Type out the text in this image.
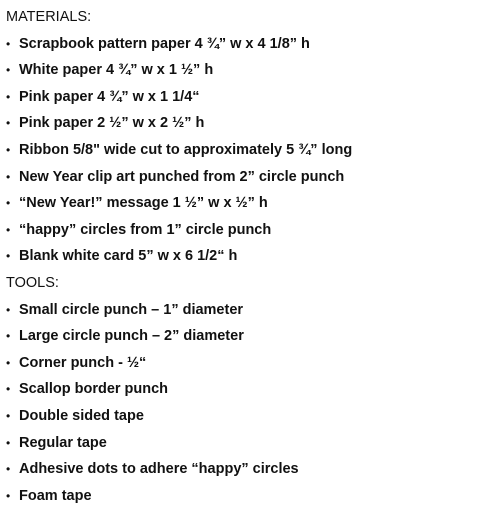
MATERIALS:
• Scrapbook pattern paper 4 ¾” w x 4 1/8” h
• White paper 4 ¾” w x 1 ½” h
• Pink paper 4 ¾” w x 1 1/4“
• Pink paper 2 ½” w x 2 ½” h
• Ribbon 5/8" wide cut to approximately 5 ¾” long
• New Year clip art punched from 2” circle punch
• “New Year!” message 1 ½” w x ½” h
• “happy” circles from 1” circle punch
• Blank white card 5” w x 6 1/2“ h
TOOLS:
• Small circle punch – 1” diameter
• Large circle punch – 2” diameter
• Corner punch - ½“
• Scallop border punch
• Double sided tape
• Regular tape
• Adhesive dots to adhere “happy” circles
• Foam tape
